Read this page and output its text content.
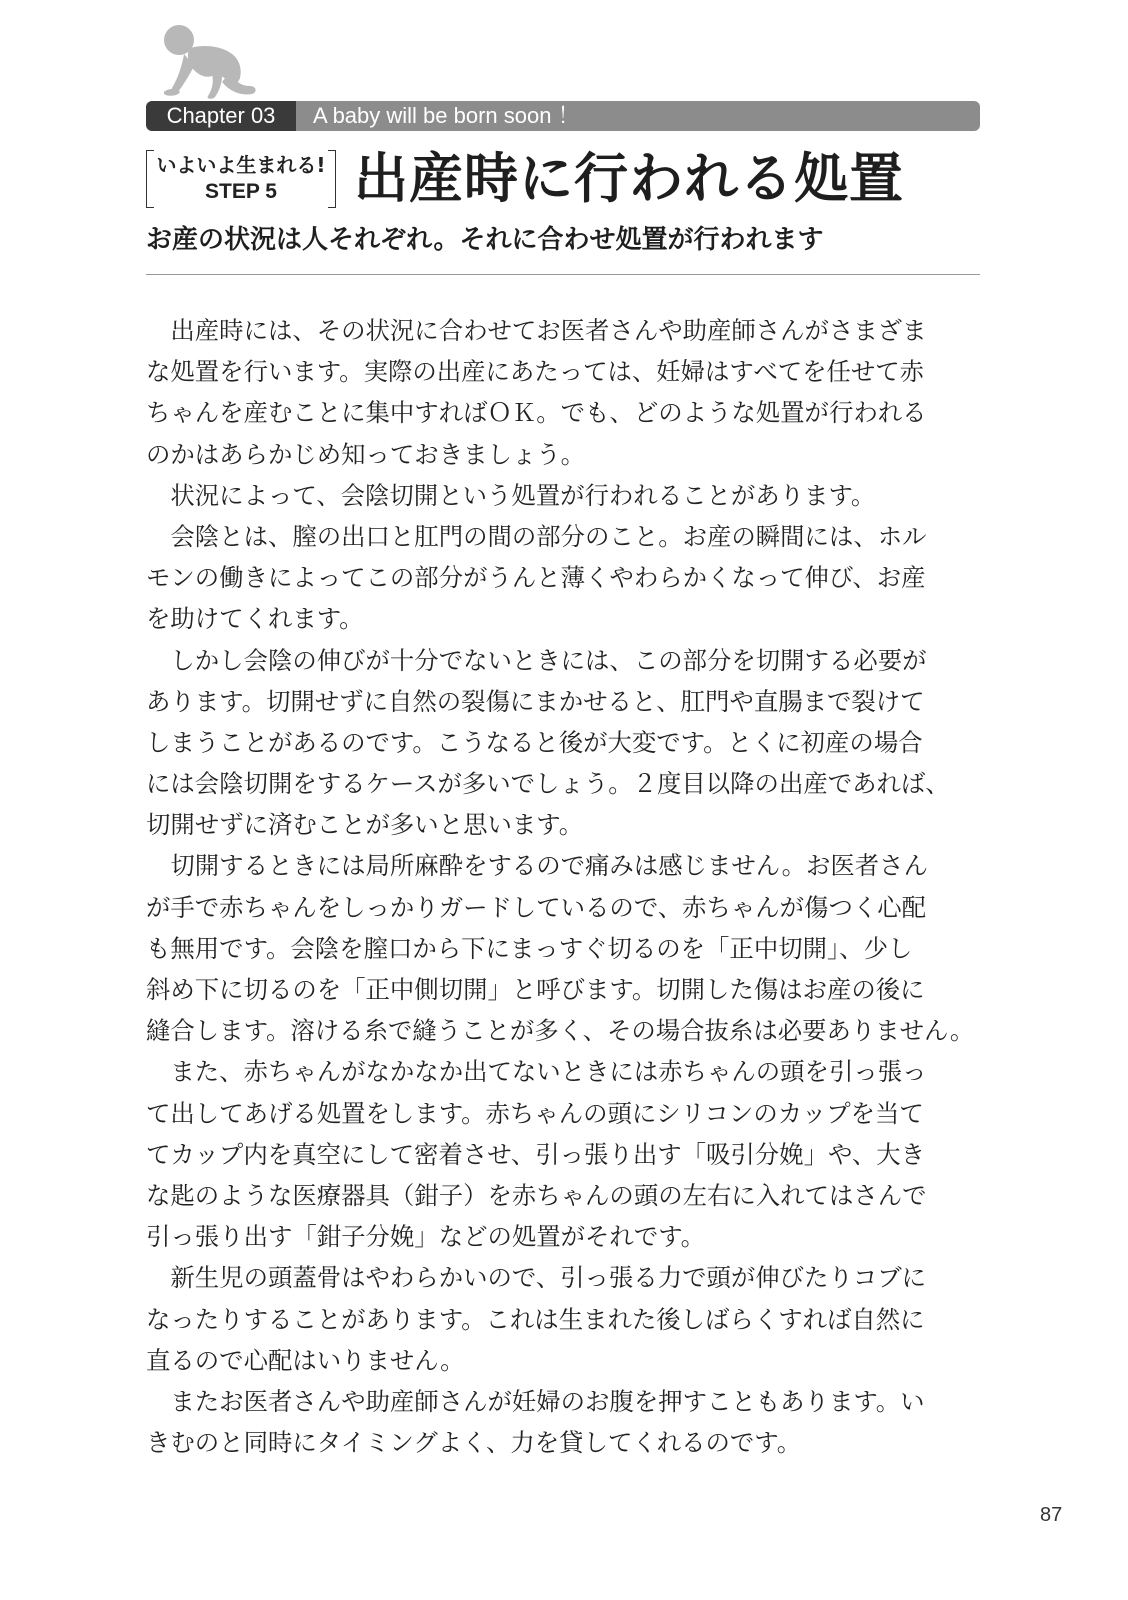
Chapter 03	A baby will be born soon ！
いよいよ生まれる!
STEP 5	出産時に行われる処置
お産の状況は人それぞれ。それに合わせ処置が行われます
　出産時には、その状況に合わせてお医者さんや助産師さんがさまざま
な処置を行います。実際の出産にあたっては、妊婦はすべてを任せて赤
ちゃんを産むことに集中すればＯＫ。でも、どのような処置が行われる
のかはあらかじめ知っておきましょう。
　状況によって、会陰切開という処置が行われることがあります。
　会陰とは、膣の出口と肛門の間の部分のこと。お産の瞬間には、ホル
モンの働きによってこの部分がうんと薄くやわらかくなって伸び、お産
を助けてくれます。
　しかし会陰の伸びが十分でないときには、この部分を切開する必要が
あります。切開せずに自然の裂傷にまかせると、肛門や直腸まで裂けて
しまうことがあるのです。こうなると後が大変です。とくに初産の場合
には会陰切開をするケースが多いでしょう。２度目以降の出産であれば、
切開せずに済むことが多いと思います。
　切開するときには局所麻酔をするので痛みは感じません。お医者さん
が手で赤ちゃんをしっかりガードしているので、赤ちゃんが傷つく心配
も無用です。会陰を膣口から下にまっすぐ切るのを「正中切開」、少し
斜め下に切るのを「正中側切開」と呼びます。切開した傷はお産の後に
縫合します。溶ける糸で縫うことが多く、その場合抜糸は必要ありません。
　また、赤ちゃんがなかなか出てないときには赤ちゃんの頭を引っ張っ
て出してあげる処置をします。赤ちゃんの頭にシリコンのカップを当て
てカップ内を真空にして密着させ、引っ張り出す「吸引分娩」や、大き
な匙のような医療器具（鉗子）を赤ちゃんの頭の左右に入れてはさんで
引っ張り出す「鉗子分娩」などの処置がそれです。
　新生児の頭蓋骨はやわらかいので、引っ張る力で頭が伸びたりコブに
なったりすることがあります。これは生まれた後しばらくすれば自然に
直るので心配はいりません。
　またお医者さんや助産師さんが妊婦のお腹を押すこともあります。い
きむのと同時にタイミングよく、力を貸してくれるのです。
87
